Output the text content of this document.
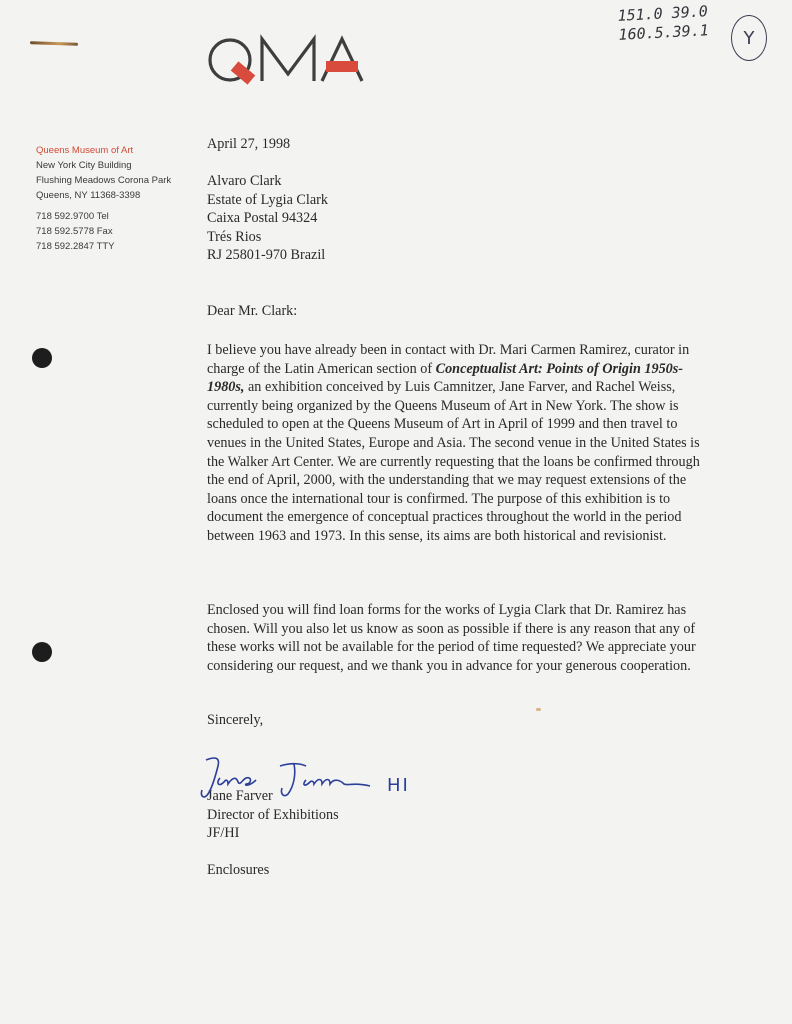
151.0 39.0
160.5.39.1	Y
Queens Museum of Art
New York City Building
Flushing Meadows Corona Park
Queens, NY 11368-3398
718 592.9700 Tel
718 592.5778 Fax
718 592.2847 TTY
April 27, 1998
Alvaro Clark
Estate of Lygia Clark
Caixa Postal 94324
Trés Rios
RJ 25801-970 Brazil
Dear Mr. Clark:
I believe you have already been in contact with Dr. Mari Carmen Ramirez, curator in charge of the Latin American section of Conceptualist Art: Points of Origin 1950s-1980s, an exhibition conceived by Luis Camnitzer, Jane Farver, and Rachel Weiss, currently being organized by the Queens Museum of Art in New York. The show is scheduled to open at the Queens Museum of Art in April of 1999 and then travel to venues in the United States, Europe and Asia. The second venue in the United States is the Walker Art Center. We are currently requesting that the loans be confirmed through the end of April, 2000, with the understanding that we may request extensions of the loans once the international tour is confirmed. The purpose of this exhibition is to document the emergence of conceptual practices throughout the world in the period between 1963 and 1973. In this sense, its aims are both historical and revisionist.
Enclosed you will find loan forms for the works of Lygia Clark that Dr. Ramirez has chosen. Will you also let us know as soon as possible if there is any reason that any of these works will not be available for the period of time requested? We appreciate your considering our request, and we thank you in advance for your generous cooperation.
Sincerely,
Jane Farver
Director of Exhibitions
JF/HI
Enclosures
HI
